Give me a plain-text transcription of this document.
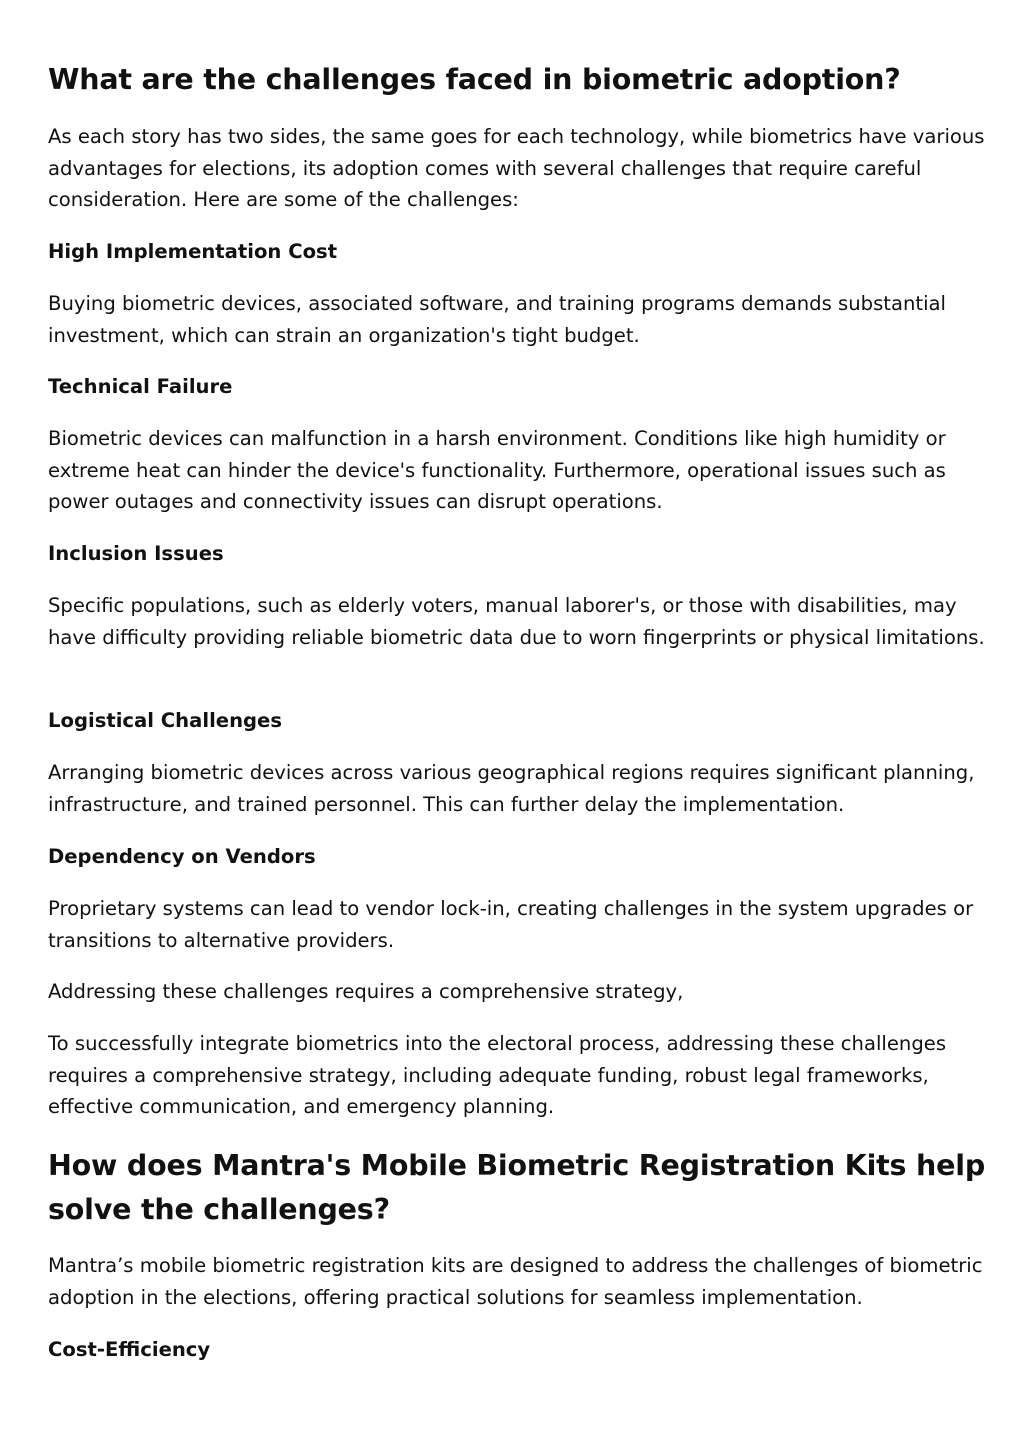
What are the challenges faced in biometric adoption?

As each story has two sides, the same goes for each technology, while biometrics have various advantages for elections, its adoption comes with several challenges that require careful consideration. Here are some of the challenges:

High Implementation Cost

Buying biometric devices, associated software, and training programs demands substantial investment, which can strain an organization's tight budget.

Technical Failure

Biometric devices can malfunction in a harsh environment. Conditions like high humidity or extreme heat can hinder the device's functionality. Furthermore, operational issues such as power outages and connectivity issues can disrupt operations.

Inclusion Issues

Specific populations, such as elderly voters, manual laborer's, or those with disabilities, may have difficulty providing reliable biometric data due to worn fingerprints or physical limitations.

Logistical Challenges

Arranging biometric devices across various geographical regions requires significant planning, infrastructure, and trained personnel. This can further delay the implementation.

Dependency on Vendors

Proprietary systems can lead to vendor lock-in, creating challenges in the system upgrades or transitions to alternative providers.

Addressing these challenges requires a comprehensive strategy,

To successfully integrate biometrics into the electoral process, addressing these challenges requires a comprehensive strategy, including adequate funding, robust legal frameworks, effective communication, and emergency planning.

How does Mantra's Mobile Biometric Registration Kits help solve the challenges?

Mantra’s mobile biometric registration kits are designed to address the challenges of biometric adoption in the elections, offering practical solutions for seamless implementation.

Cost-Efficiency
